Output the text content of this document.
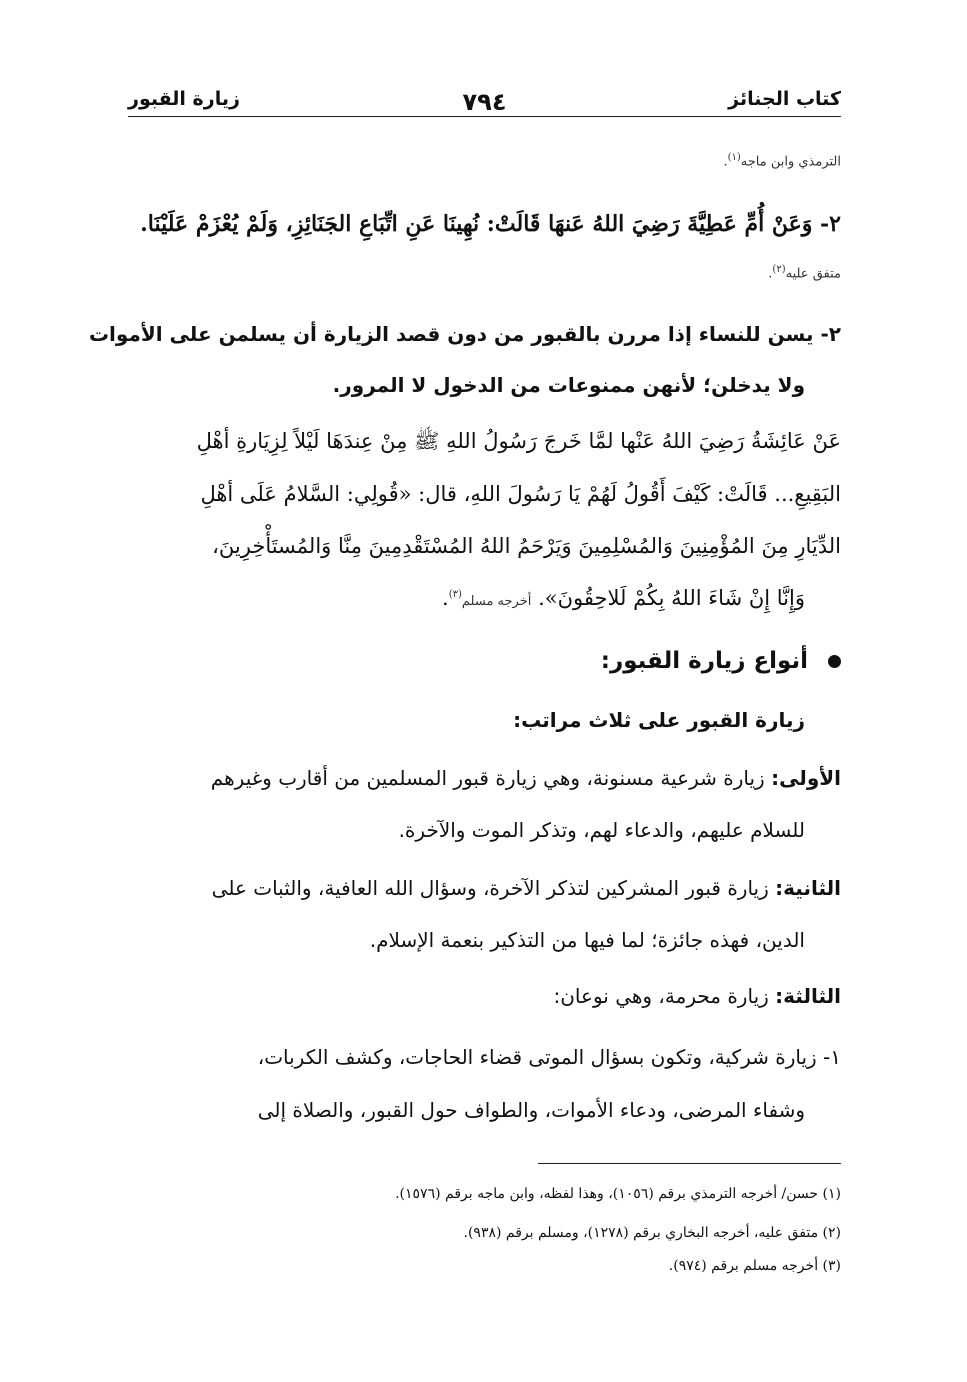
كتاب الجنائز
٧٩٤
زيارة القبور
الترمذي وابن ماجه$^{(١)}$.
٢- وَعَنْ أُمِّ عَطِيَّةَ رَضِيَ اللهُ عَنهَا قَالَتْ: نُهِينَا عَنِ اتِّبَاعِ الجَنَائِزِ، وَلَمْ يُعْزَمْ عَلَيْنَا.
متفق عليه$^{(٢)}$.
٢- يسن للنساء إذا مررن بالقبور من دون قصد الزيارة أن يسلمن على الأموات
ولا يدخلن؛ لأنهن ممنوعات من الدخول لا المرور.
عَنْ عَائِشَةُ رَضِيَ اللهُ عَنْها لمَّا خَرجَ رَسُولُ اللهِ ﷺ مِنْ عِندَهَا لَيْلاً لِزِيَارةِ أهْلِ
البَقِيعِ... قَالَتْ: كَيْفَ أَقُولُ لَهُمْ يَا رَسُولَ اللهِ، قال: «قُولِي: السَّلامُ عَلَى أهْلِ
الدِّيَارِ مِنَ المُؤْمِنِينَ وَالمُسْلِمِينَ وَيَرْحَمُ اللهُ المُسْتَقْدِمِينَ مِنَّا وَالمُستَأْخِرِينَ،
وَإِنَّا إِنْ شَاءَ اللهُ بِكُمْ لَلاحِقُونَ». أخرجه مسلم$^{(٣)}$.
أنواع زيارة القبور:
زيارة القبور على ثلاث مراتب:
الأولى: زيارة شرعية مسنونة، وهي زيارة قبور المسلمين من أقارب وغيرهم
للسلام عليهم، والدعاء لهم، وتذكر الموت والآخرة.
الثانية: زيارة قبور المشركين لتذكر الآخرة، وسؤال الله العافية، والثبات على
الدين، فهذه جائزة؛ لما فيها من التذكير بنعمة الإسلام.
الثالثة: زيارة محرمة، وهي نوعان:
١- زيارة شركية، وتكون بسؤال الموتى قضاء الحاجات، وكشف الكربات،
وشفاء المرضى، ودعاء الأموات، والطواف حول القبور، والصلاة إلى
(١) حسن/ أخرجه الترمذي برقم (١٠٥٦)، وهذا لفظه، وابن ماجه برقم (١٥٧٦).
(٢) متفق عليه، أخرجه البخاري برقم (١٢٧٨)، ومسلم برقم (٩٣٨).
(٣) أخرجه مسلم برقم (٩٧٤).
